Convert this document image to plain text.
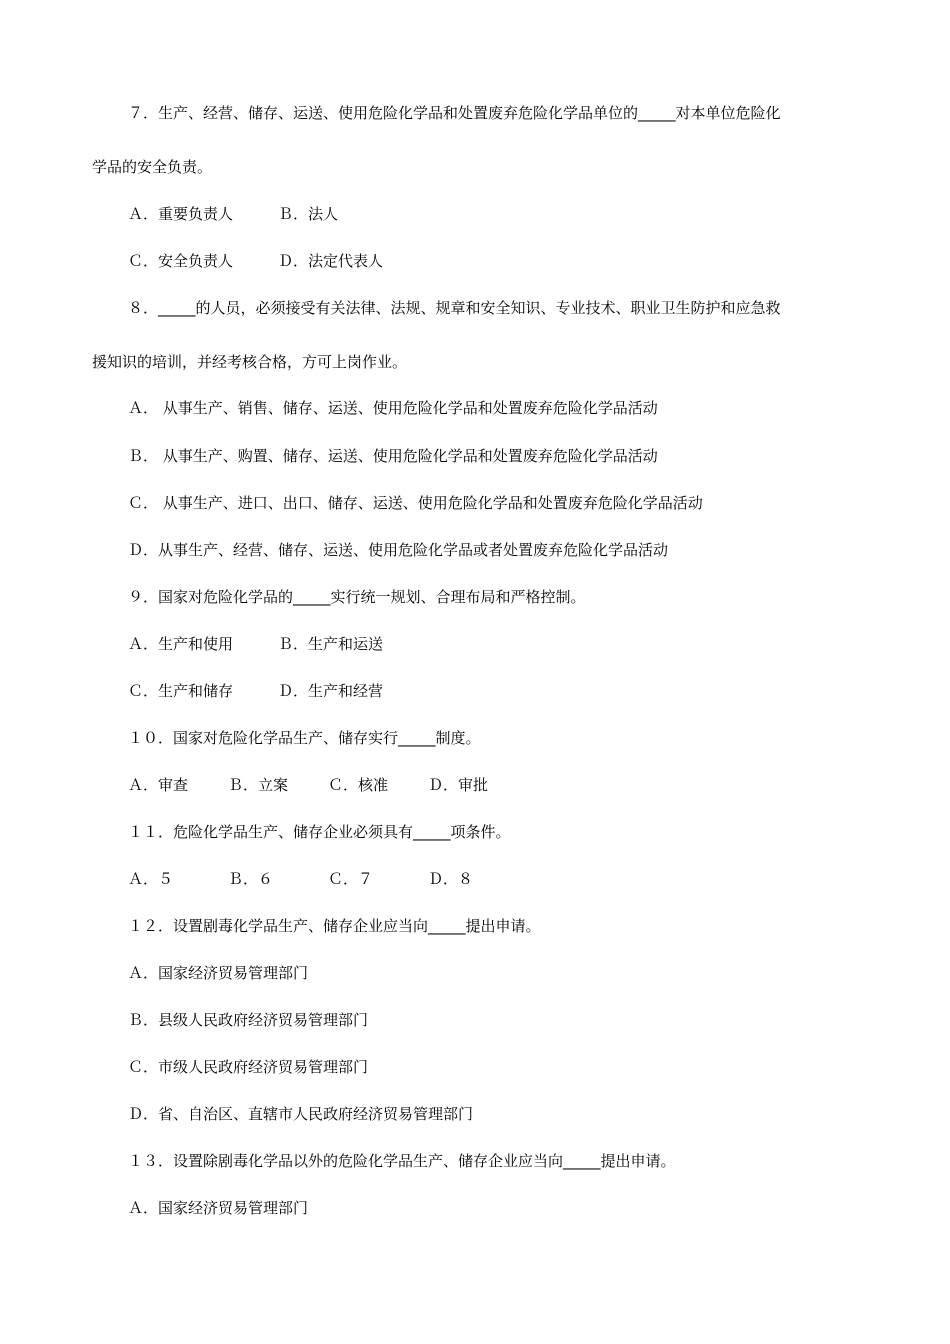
７．生产、经营、储存、运送、使用危险化学品和处置废弃危险化学品单位的_____对本单位危险化
学品的安全负责。
Ａ．重要负责人	Ｂ．法人
Ｃ．安全负责人	Ｄ．法定代表人
８．_____的人员，必须接受有关法律、法规、规章和安全知识、专业技术、职业卫生防护和应急救
援知识的培训，并经考核合格，方可上岗作业。
Ａ． 从事生产、销售、储存、运送、使用危险化学品和处置废弃危险化学品活动
Ｂ． 从事生产、购置、储存、运送、使用危险化学品和处置废弃危险化学品活动
Ｃ． 从事生产、进口、出口、储存、运送、使用危险化学品和处置废弃危险化学品活动
Ｄ．从事生产、经营、储存、运送、使用危险化学品或者处置废弃危险化学品活动
９．国家对危险化学品的_____实行统一规划、合理布局和严格控制。
Ａ．生产和使用	Ｂ．生产和运送
Ｃ．生产和储存	Ｄ．生产和经营
１０．国家对危险化学品生产、储存实行_____制度。
Ａ．审查	Ｂ．立案	Ｃ．核准	Ｄ．审批
１１．危险化学品生产、储存企业必须具有_____项条件。
Ａ．５	Ｂ．６	Ｃ．７	Ｄ．８
１２．设置剧毒化学品生产、储存企业应当向_____提出申请。
Ａ．国家经济贸易管理部门
Ｂ．县级人民政府经济贸易管理部门
Ｃ．市级人民政府经济贸易管理部门
Ｄ．省、自治区、直辖市人民政府经济贸易管理部门
１３．设置除剧毒化学品以外的危险化学品生产、储存企业应当向_____提出申请。
Ａ．国家经济贸易管理部门
